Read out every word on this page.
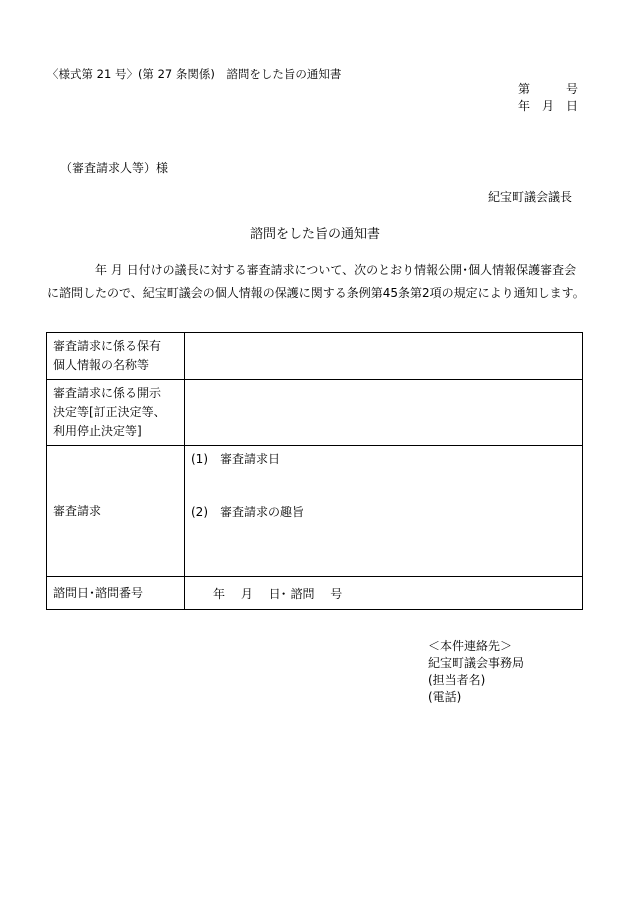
〈様式第 21 号〉(第 27 条関係)　諮問をした旨の通知書
第　　　号
年　月　日
（審査請求人等）様
紀宝町議会議長
諮問をした旨の通知書
年 月 日付けの議長に対する審査請求について、次のとおり情報公開･個人情報保護審査会に諮問したので、紀宝町議会の個人情報の保護に関する条例第45条第2項の規定により通知します。
審査請求に係る保有
個人情報の名称等	

審査請求に係る開示
決定等[訂正決定等、
利用停止決定等]	

審査請求	(1)　審査請求日
(2)　審査請求の趣旨

諮問日･諮問番号	年　 月　 日･ 諮問　 号
＜本件連絡先＞
紀宝町議会事務局
(担当者名)
(電話)
